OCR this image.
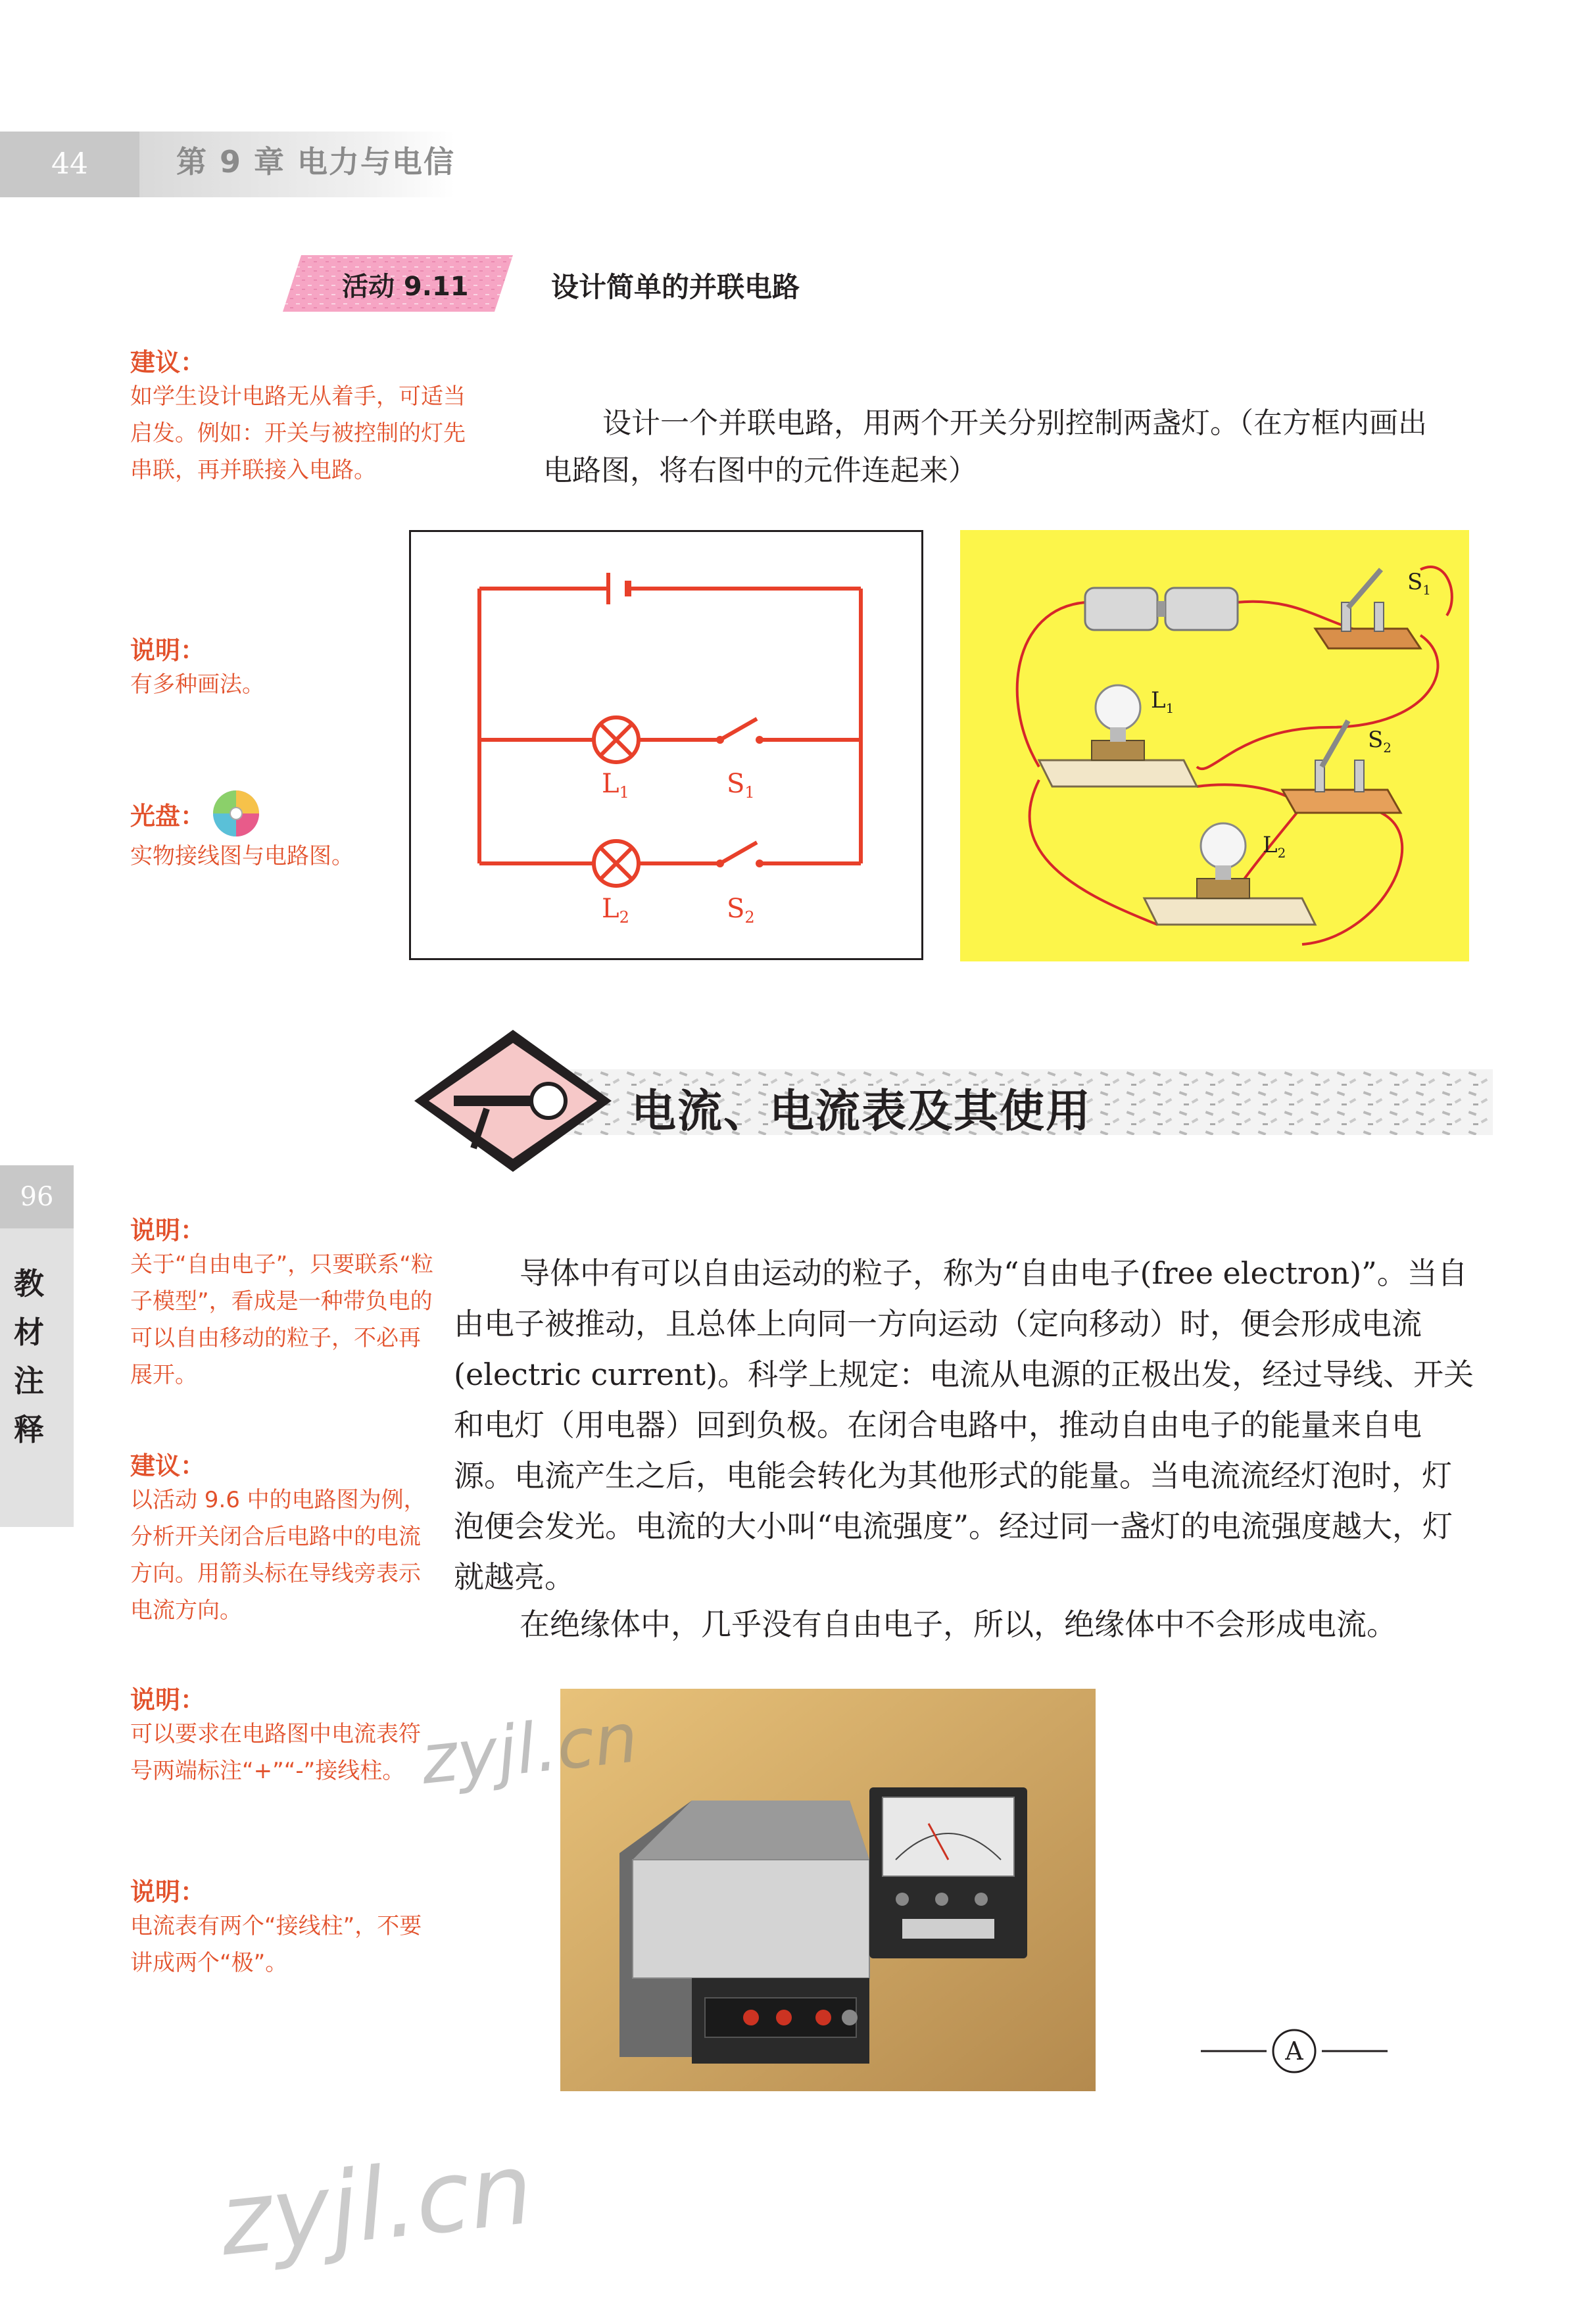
44	第 9 章 电力与电信
活动 9.11	设计简单的并联电路
设计一个并联电路，用两个开关分别控制两盏灯。（在方框内画出电路图，将右图中的元件连起来）
建议：
如学生设计电路无从着手，可适当启发。例如：开关与被控制的灯先串联，再并联接入电路。
说明：
有多种画法。
光盘：
实物接线图与电路图。
说明：
关于“自由电子”，只要联系“粒子模型”，看成是一种带负电的可以自由移动的粒子，不必再展开。
建议：
以活动 9.6 中的电路图为例，分析开关闭合后电路中的电流方向。用箭头标在导线旁表示电流方向。
说明：
可以要求在电路图中电流表符号两端标注“+”“-”接线柱。
说明：
电流表有两个“接线柱”，不要讲成两个“极”。
$L_1$	$S_1$
$L_2$	$S_2$
$S_1$
$L_1$
$S_2$
$L_2$
电流、电流表及其使用
96
教
材
注
释
导体中有可以自由运动的粒子，称为“自由电子(free electron)”。当自由电子被推动，且总体上向同一方向运动（定向移动）时，便会形成电流(electric current)。科学上规定：电流从电源的正极出发，经过导线、开关和电灯（用电器）回到负极。在闭合电路中，推动自由电子的能量来自电源。电流产生之后，电能会转化为其他形式的能量。当电流流经灯泡时，灯泡便会发光。电流的大小叫“电流强度”。经过同一盏灯的电流强度越大，灯就越亮。
在绝缘体中，几乎没有自由电子，所以，绝缘体中不会形成电流。
A
zyjl.cn
zyjl.cn
